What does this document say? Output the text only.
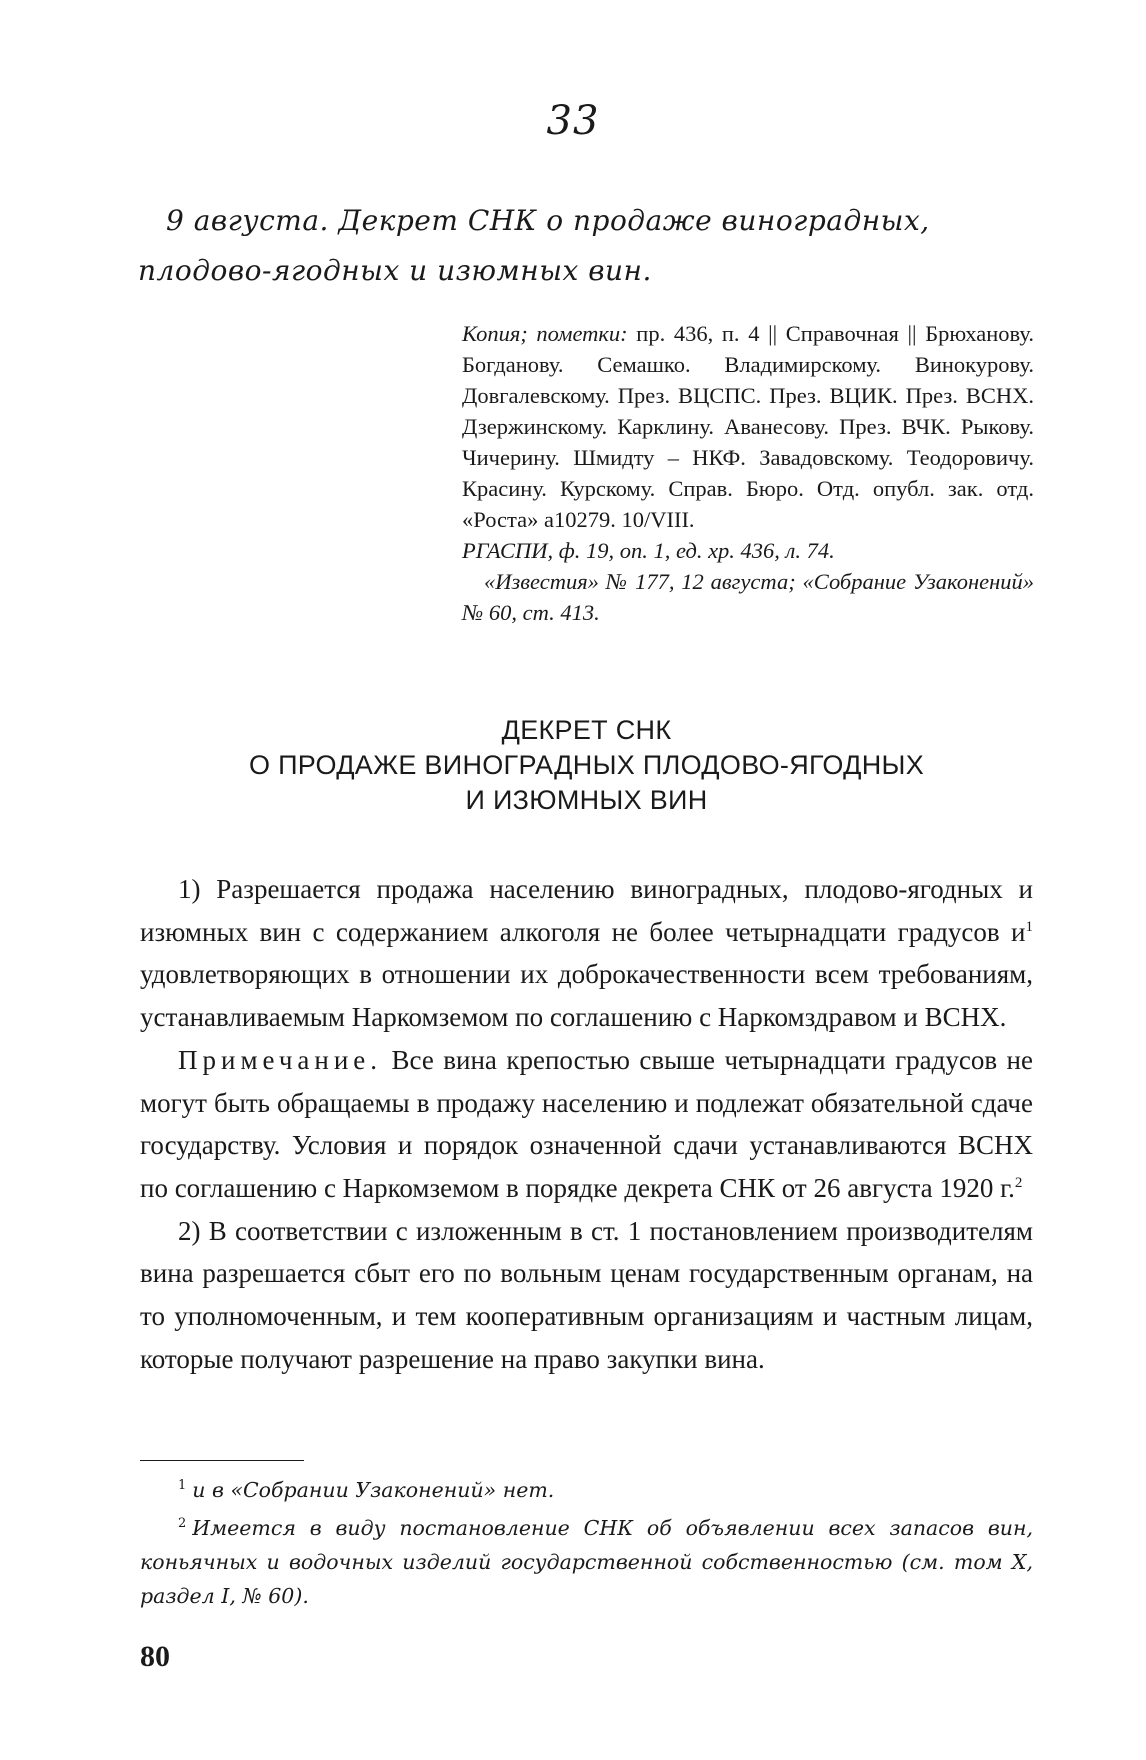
33
9 августа. Декрет СНК о продаже виноградных, плодово-ягодных и изюмных вин.

Копия; пометки: пр. 436, п. 4 || Справочная || Брюханову. Богданову. Семашко. Владимирскому. Винокурову. Довгалевскому. През. ВЦСПС. През. ВЦИК. През. ВСНХ. Дзержинскому. Карклину. Аванесову. През. ВЧК. Рыкову. Чичерину. Шмидту – НКФ. Завадовскому. Теодоровичу. Красину. Курскому. Справ. Бюро. Отд. опубл. зак. отд. «Роста» а10279. 10/VIII.

РГАСПИ, ф. 19, оп. 1, ед. хр. 436, л. 74.

«Известия» № 177, 12 августа; «Собрание Узаконений» № 60, ст. 413.

ДЕКРЕТ СНК
О ПРОДАЖЕ ВИНОГРАДНЫХ ПЛОДОВО-ЯГОДНЫХ
И ИЗЮМНЫХ ВИН

1) Разрешается продажа населению виноградных, плодово-ягодных и изюмных вин с содержанием алкоголя не более четырнадцати градусов $и^1$ удовлетворяющих в отношении их доброкачественности всем требованиям, устанавливаемым Наркомземом по соглашению с Наркомздравом и ВСНХ.

Примечание. Все вина крепостью свыше четырнадцати градусов не могут быть обращаемы в продажу населению и подлежат обязательной сдаче государству. Условия и порядок означенной сдачи устанавливаются ВСНХ по соглашению с Наркомземом в порядке декрета СНК от 26 августа 1920 г.$^2$

2) В соответствии с изложенным в ст. 1 постановлением производителям вина разрешается сбыт его по вольным ценам государственным органам, на то уполномоченным, и тем кооперативным организациям и частным лицам, которые получают разрешение на право закупки вина.

$^1$ и в «Собрании Узаконений» нет.

$^2$ Имеется в виду постановление СНК об объявлении всех запасов вин, коньячных и водочных изделий государственной собственностью (см. том X, раздел I, № 60).

80
